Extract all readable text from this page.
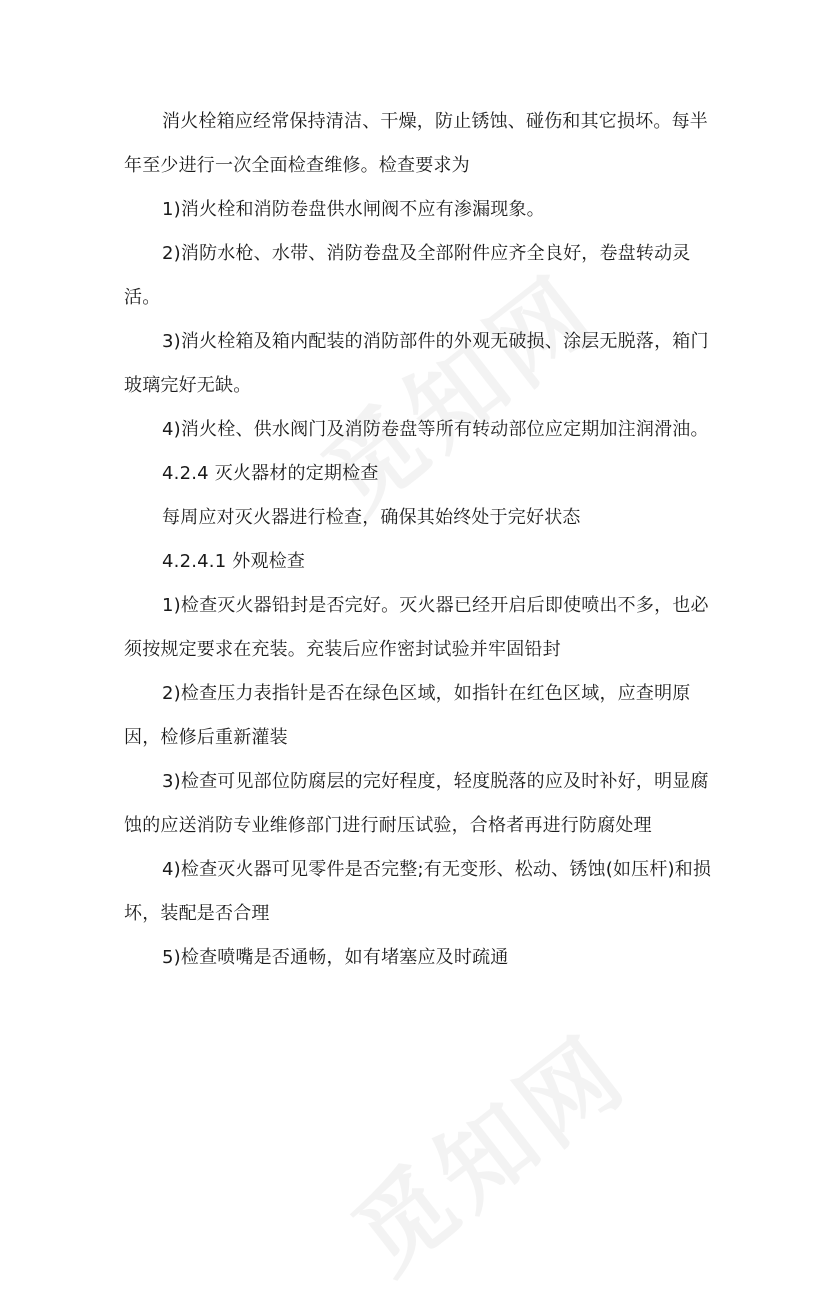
消火栓箱应经常保持清洁、干燥，防止锈蚀、碰伤和其它损坏。每半年至少进行一次全面检查维修。检查要求为

1)消火栓和消防卷盘供水闸阀不应有渗漏现象。

2)消防水枪、水带、消防卷盘及全部附件应齐全良好，卷盘转动灵活。

3)消火栓箱及箱内配装的消防部件的外观无破损、涂层无脱落，箱门玻璃完好无缺。

4)消火栓、供水阀门及消防卷盘等所有转动部位应定期加注润滑油。

4.2.4 灭火器材的定期检查

每周应对灭火器进行检查，确保其始终处于完好状态

4.2.4.1 外观检查

1)检查灭火器铅封是否完好。灭火器已经开启后即使喷出不多，也必须按规定要求在充装。充装后应作密封试验并牢固铅封

2)检查压力表指针是否在绿色区域，如指针在红色区域，应查明原因，检修后重新灌装

3)检查可见部位防腐层的完好程度，轻度脱落的应及时补好，明显腐蚀的应送消防专业维修部门进行耐压试验，合格者再进行防腐处理

4)检查灭火器可见零件是否完整;有无变形、松动、锈蚀(如压杆)和损坏，装配是否合理

5)检查喷嘴是否通畅，如有堵塞应及时疏通
